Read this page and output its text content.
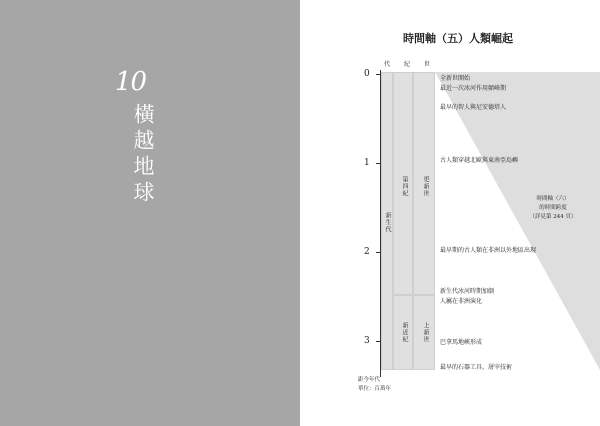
10
橫越地球
時間軸（五）人類崛起
代 紀 世
新生代
第四紀
新近紀
更新世
上新世
0
1
2
3
全新世開始
最近一次冰河作用顛峰期
最早的智人與尼安德塔人
古人類穿越北歐與東南亞島嶼
最早期的古人類在非洲以外地區出現
新生代冰河時期加劇
人屬在非洲演化
巴拿馬地峽形成
最早的石器工具、屠宰技術
時間軸（六）
的時間跨度
（詳見第 244 頁）
距今年代
單位：百萬年
